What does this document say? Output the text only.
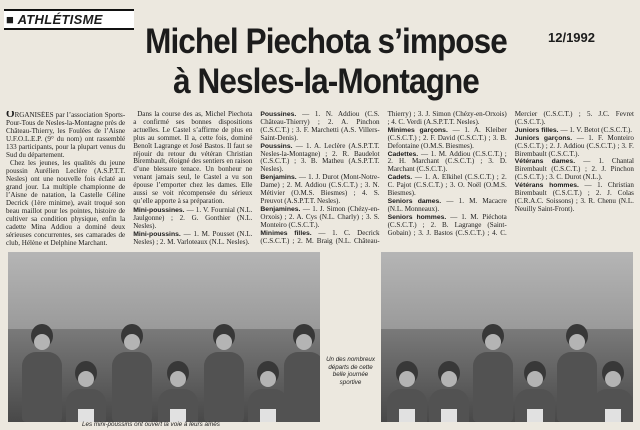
■ ATHLÉTISME
12/1992
Michel Piechota s’impose
à Nesles-la-Montagne

ORGANISÉES par l’association Sports-Pour-Tous de Nesles-la-Montagne près de Château-Thierry, les Foulées de l’Aisne U.F.O.L.E.P. (9° du nom) ont rassemblé 133 participants, pour la plupart venus du Sud du département.

Chez les jeunes, les qualités du jeune poussin Aurélien Leclère (A.S.P.T.T. Nesles) ont une nouvelle fois éclaté au grand jour. La multiple championne de l’Aisne de natation, la Castelle Céline Decrick (1ère minime), avait troqué son beau maillot pour les pointes, histoire de cultiver sa condition physique, enfin la cadette Mina Addiou a dominé deux sérieuses concurrentes, ses camarades de club, Hélène et Delphine Marchant.

Dans la course des as, Michel Piechota a confirmé ses bonnes dispositions actuelles. Le Castel s’affirme de plus en plus au sommet. Il a, cette fois, dominé Benoît Lagrange et José Bastos. Il faut se réjouir du retour du vétéran Christian Birembault, éloigné des sentiers en raison d’une blessure tenace. Un bonheur ne venant jamais seul, le Castel a vu son épouse l’emporter chez les dames. Elle aussi se voit récompensée du sérieux qu’elle apporte à sa préparation.

Mini-poussines. — 1. V. Fournial (N.L. Jaulgonne) ; 2. G. Gonthier (N.L. Nesles).
Mini-poussins. — 1. M. Pousset (N.L. Nesles) ; 2. M. Varloteaux (N.L. Nesles).
Poussines. — 1. N. Addiou (C.S. Château-Thierry) ; 2. A. Pinchon (C.S.C.T.) ; 3. F. Marchetti (A.S. Villers-Saint-Denis).
Poussins. — 1. A. Leclère (A.S.P.T.T. Nesles-la-Montagne) ; 2. R. Baudelot (C.S.C.T.) ; 3. B. Matheu (A.S.P.T.T. Nesles).
Benjamins. — 1. J. Durot (Mont-Notre-Dame) ; 2. M. Addiou (C.S.C.T.) ; 3. N. Métivier (O.M.S. Biesmes) ; 4. S. Preuvot (A.S.P.T.T. Nesles).
Benjamines. — 1. J. Simon (Chézy-en-Orxois) ; 2. A. Cys (N.L. Charly) ; 3. S. Monteiro (C.S.C.T.).
Minimes filles. — 1. C. Decrick (C.S.C.T.) ; 2. M. Braig (N.L. Château-Thierry) ; 3. J. Simon (Chézy-en-Orxois) ; 4. C. Verdi (A.S.P.T.T. Nesles).
Minimes garçons. — 1. A. Kleiber (C.S.C.T.) ; 2. F. David (C.S.C.T.) ; 3. B. Defontaine (O.M.S. Biesmes).
Cadettes. — 1. M. Addiou (C.S.C.T.) ; 2. H. Marchant (C.S.C.T.) ; 3. D. Marchant (C.S.C.T.).
Cadets. — 1. A. Elkihel (C.S.C.T.) ; 2. C. Pajot (C.S.C.T.) ; 3. O. Noël (O.M.S. Biesmes).
Seniors dames. — 1. M. Macacre (N.L. Monneaux).
Seniors hommes. — 1. M. Piéchota (C.S.C.T.) ; 2. B. Lagrange (Saint-Gobain) ; 3. J. Bastos (C.S.C.T.) ; 4. C. Mercier (C.S.C.T.) ; 5. J.C. Fevret (C.S.C.T.).
Juniors filles. — 1. V. Betot (C.S.C.T.).
Juniors garçons. — 1. F. Monteiro (C.S.C.T.) ; 2. J. Addiou (C.S.C.T.) ; 3. F. Birembault (C.S.C.T.).
Vétérans dames. — 1. Chantal Birembault (C.S.C.T.) ; 2. J. Pinchon (C.S.C.T.) ; 3. C. Durot (N.L.).
Vétérans hommes. — 1. Christian Birembault (C.S.C.T.) ; 2. J. Colas (C.R.A.C. Soissons) ; 3. R. Chenu (N.L. Neuilly Saint-Front).
Un des nombreux départs de cette belle journée sportive
Les mini-poussins ont ouvert la voie à leurs aînés
